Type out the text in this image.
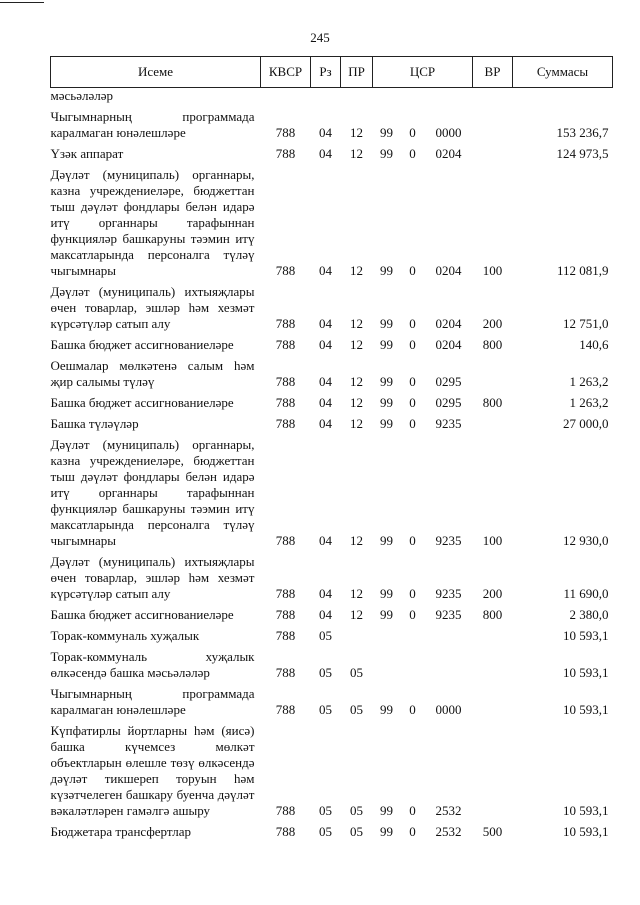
245
Исеме	КВСР	Рз	ПР	ЦСР			ВР	Суммасы
мәсьәләләр								
Чыгымнарның программада каралмаган юнәлешләре	788	04	12	99	0	0000		153 236,7
Үзәк аппарат	788	04	12	99	0	0204		124 973,5
Дәүләт (муниципаль) органнары, казна учреждениеләре, бюджеттан тыш дәүләт фондлары белән идарә итү органнары тарафыннан функцияләр башкаруны тәэмин итү максатларында персоналга түләү чыгымнары	788	04	12	99	0	0204	100	112 081,9
Дәүләт (муниципаль) ихтыяҗлары өчен товарлар, эшләр һәм хезмәт күрсәтүләр сатып алу	788	04	12	99	0	0204	200	12 751,0
Башка бюджет ассигнованиеләре	788	04	12	99	0	0204	800	140,6
Оешмалар мөлкәтенә салым һәм җир салымы түләү	788	04	12	99	0	0295		1 263,2
Башка бюджет ассигнованиеләре	788	04	12	99	0	0295	800	1 263,2
Башка түләүләр	788	04	12	99	0	9235		27 000,0
Дәүләт (муниципаль) органнары, казна учреждениеләре, бюджеттан тыш дәүләт фондлары белән идарә итү органнары тарафыннан функцияләр башкаруны тәэмин итү максатларында персоналга түләү чыгымнары	788	04	12	99	0	9235	100	12 930,0
Дәүләт (муниципаль) ихтыяҗлары өчен товарлар, эшләр һәм хезмәт күрсәтүләр сатып алу	788	04	12	99	0	9235	200	11 690,0
Башка бюджет ассигнованиеләре	788	04	12	99	0	9235	800	2 380,0
Торак-коммуналь хуҗалык	788	05						10 593,1
Торак-коммуналь хуҗалык өлкәсендә башка мәсьәләләр	788	05	05					10 593,1
Чыгымнарның программада каралмаган юнәлешләре	788	05	05	99	0	0000		10 593,1
Күпфатирлы йортларны һәм (яисә) башка күчемсез мөлкәт объектларын өлешле төзү өлкәсендә дәүләт тикшереп торуын һәм күзәтчелеген башкару буенча дәүләт вәкаләтләрен гамәлгә ашыру	788	05	05	99	0	2532		10 593,1
Бюджетара трансфертлар	788	05	05	99	0	2532	500	10 593,1
